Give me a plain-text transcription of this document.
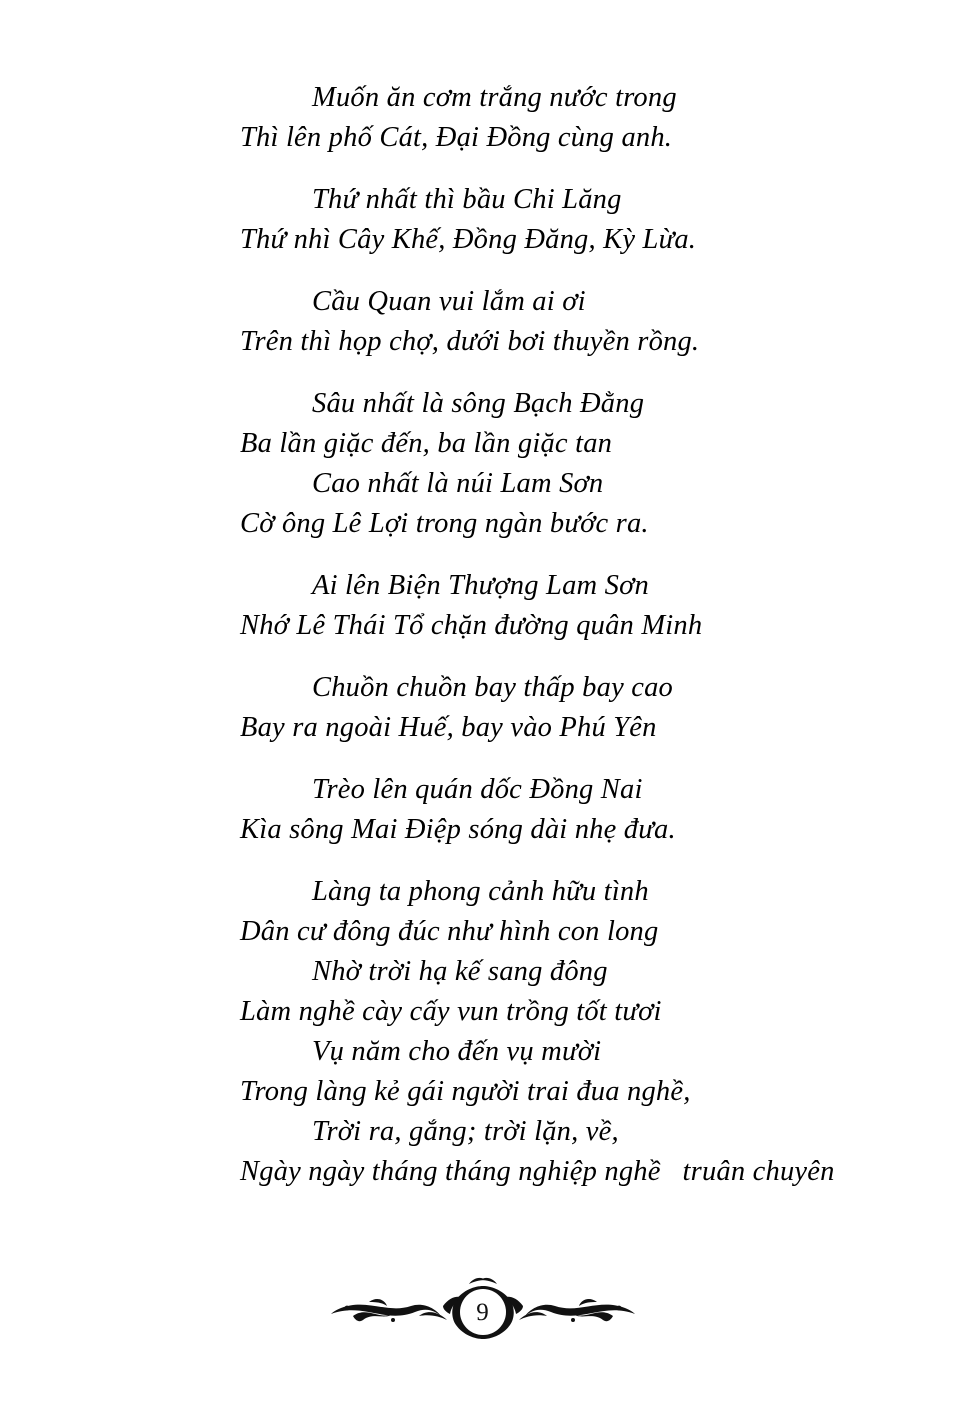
Muốn ăn cơm trắng nước trong
Thì lên phố Cát, Đại Đồng cùng anh.
Thứ nhất thì bầu Chi Lăng
Thứ nhì Cây Khế, Đồng Đăng, Kỳ Lừa.
Cầu Quan vui lắm ai ơi
Trên thì họp chợ, dưới bơi thuyền rồng.
Sâu nhất là sông Bạch Đằng
Ba lần giặc đến, ba lần giặc tan
Cao nhất là núi Lam Sơn
Cờ ông Lê Lợi trong ngàn bước ra.
Ai lên Biện Thượng Lam Sơn
Nhớ Lê Thái Tổ chặn đường quân Minh
Chuồn chuồn bay thấp bay cao
Bay ra ngoài Huế, bay vào Phú Yên
Trèo lên quán dốc Đồng Nai
Kìa sông Mai Điệp sóng dài nhẹ đưa.
Làng ta phong cảnh hữu tình
Dân cư đông đúc như hình con long
Nhờ trời hạ kế sang đông
Làm nghề cày cấy vun trồng tốt tươi
Vụ năm cho đến vụ mười
Trong làng kẻ gái người trai đua nghề,
Trời ra, gắng; trời lặn, về,
Ngày ngày tháng tháng nghiệp nghề   truân chuyên
9
